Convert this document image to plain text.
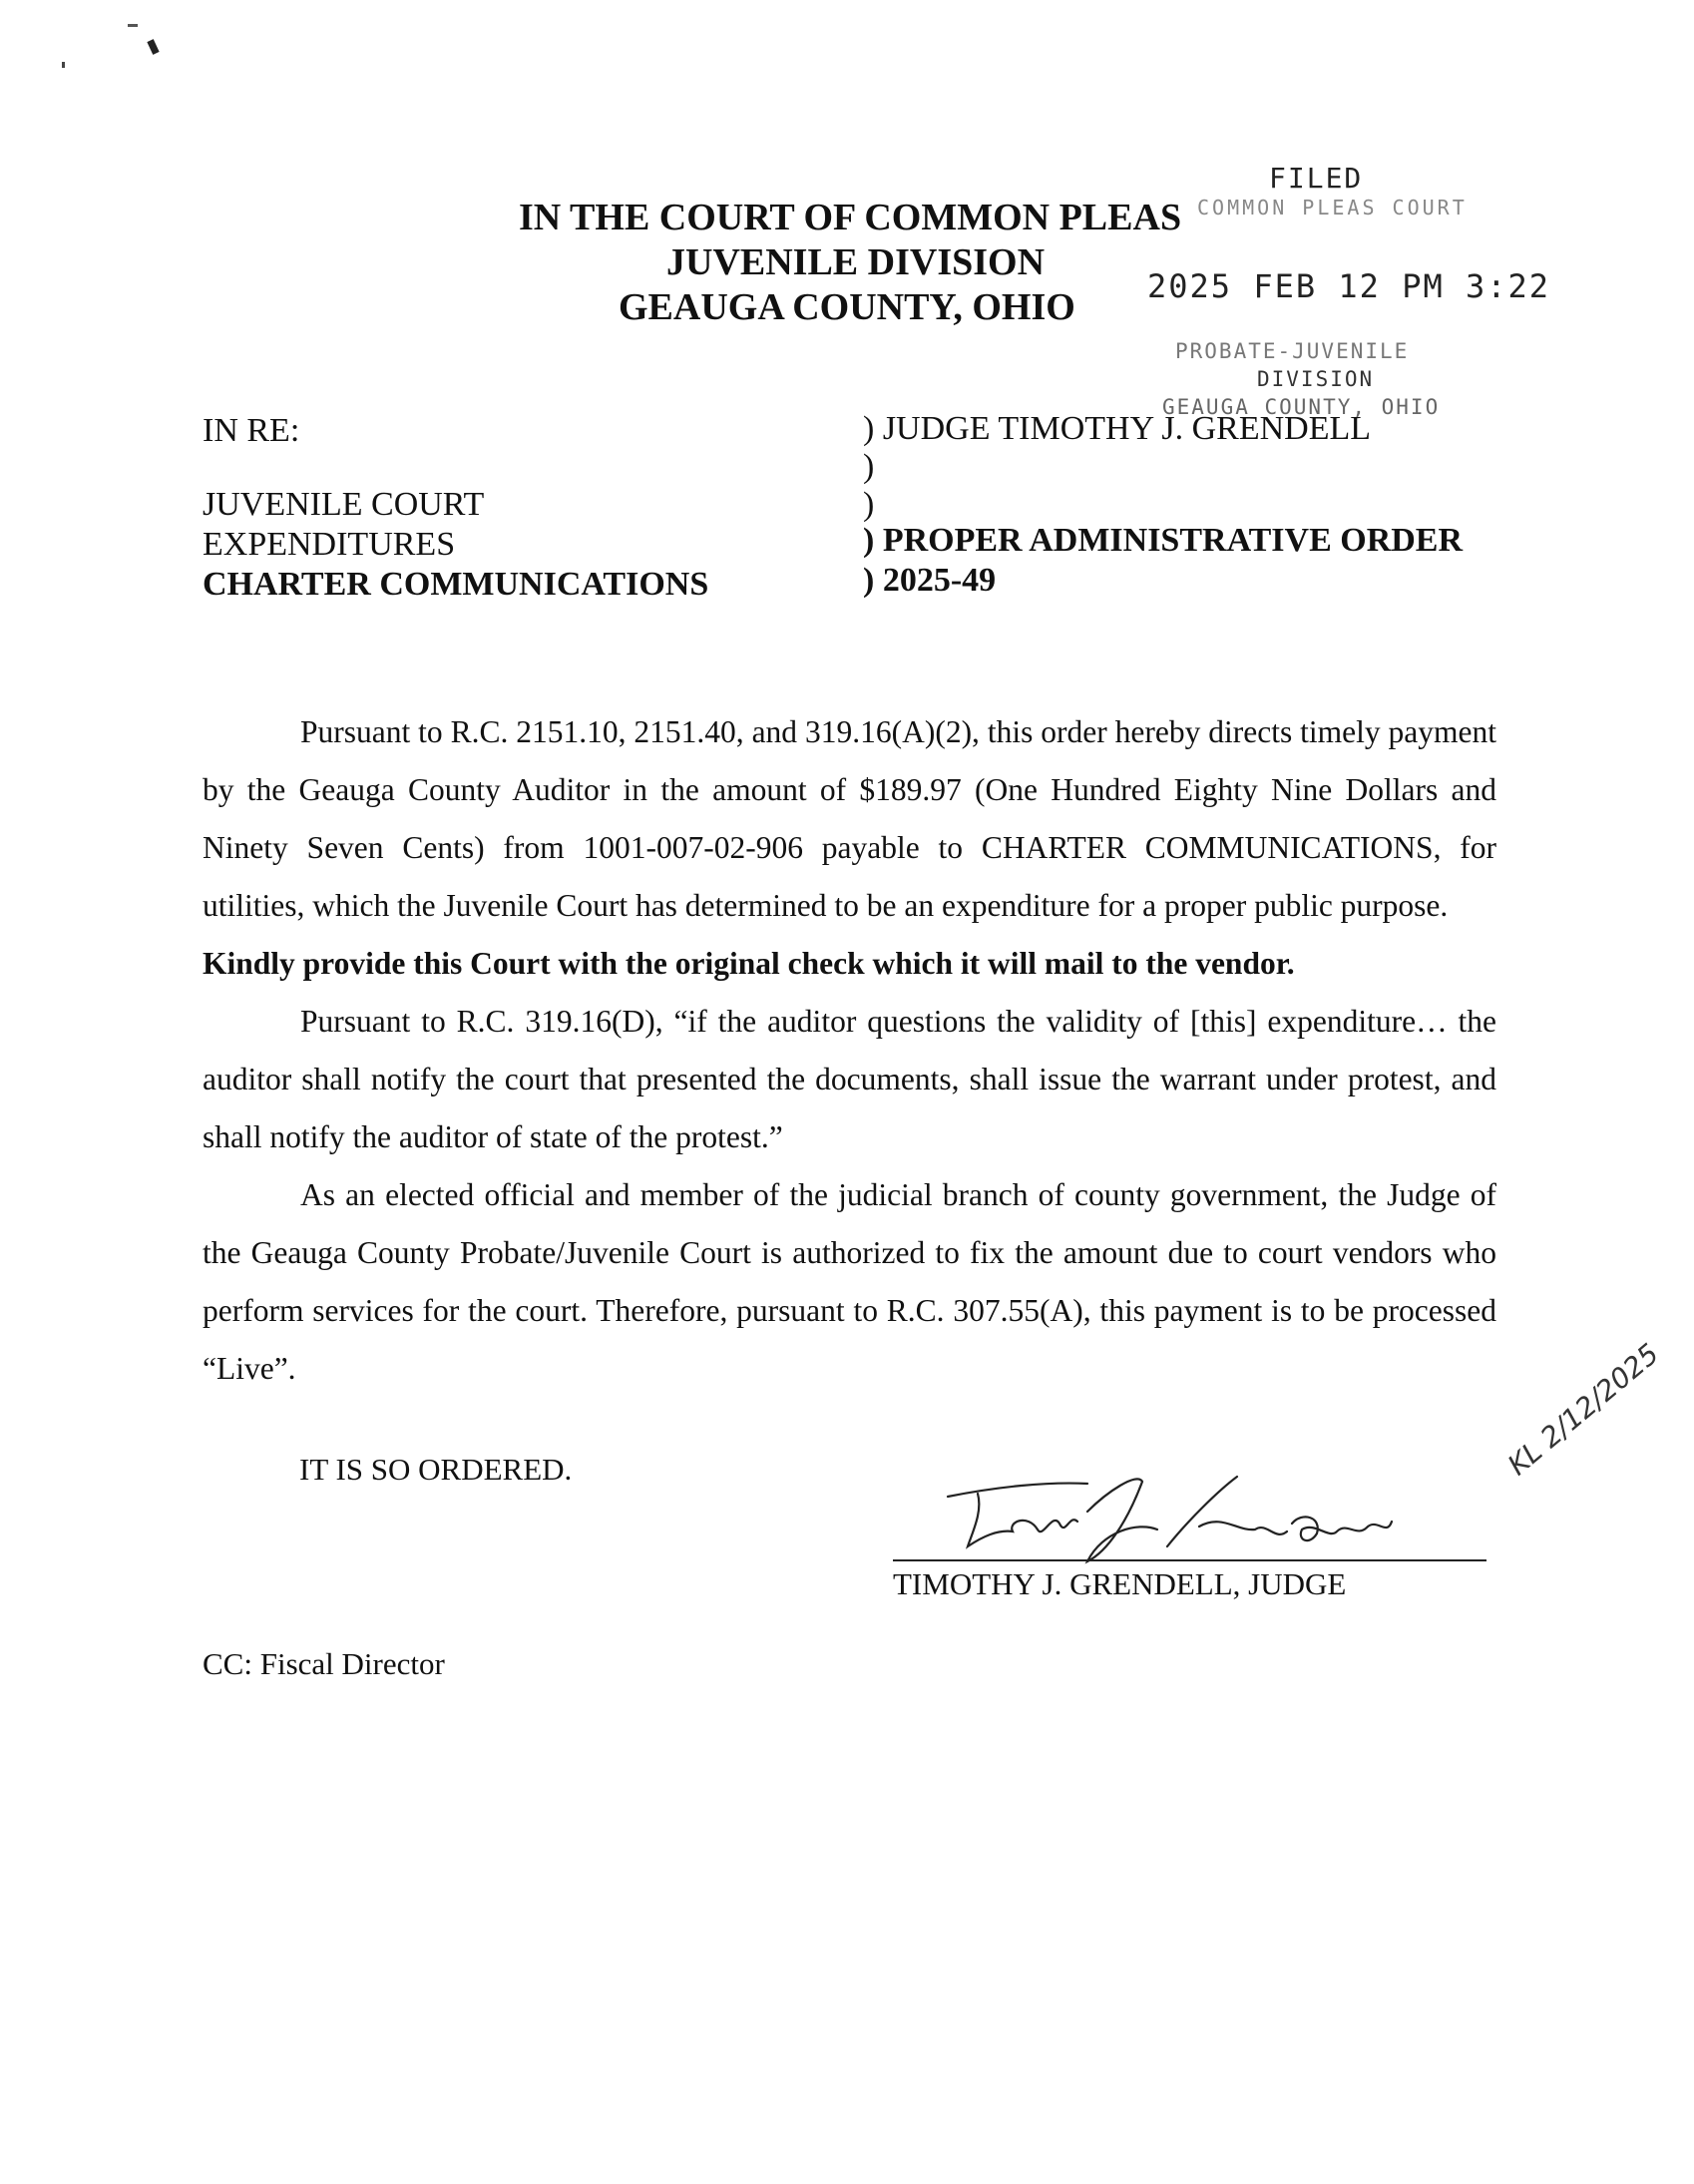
IN THE COURT OF COMMON PLEAS
JUVENILE DIVISION
GEAUGA COUNTY, OHIO
FILED
COMMON PLEAS COURT
2025 FEB 12 PM 3:22
PROBATE-JUVENILE
DIVISION
GEAUGA COUNTY, OHIO
IN RE:
JUVENILE COURT
EXPENDITURES
CHARTER COMMUNICATIONS
) JUDGE TIMOTHY J. GRENDELL
)
)
) PROPER ADMINISTRATIVE ORDER
) 2025-49
Pursuant to R.C. 2151.10, 2151.40, and 319.16(A)(2), this order hereby directs timely payment by the Geauga County Auditor in the amount of $189.97 (One Hundred Eighty Nine Dollars and Ninety Seven Cents) from 1001-007-02-906 payable to CHARTER COMMUNICATIONS, for utilities, which the Juvenile Court has determined to be an expenditure for a proper public purpose.
Kindly provide this Court with the original check which it will mail to the vendor.
Pursuant to R.C. 319.16(D), “if the auditor questions the validity of [this] expenditure… the auditor shall notify the court that presented the documents, shall issue the warrant under protest, and shall notify the auditor of state of the protest.”
As an elected official and member of the judicial branch of county government, the Judge of the Geauga County Probate/Juvenile Court is authorized to fix the amount due to court vendors who perform services for the court. Therefore, pursuant to R.C. 307.55(A), this payment is to be processed “Live”.
IT IS SO ORDERED.
TIMOTHY J. GRENDELL, JUDGE
KL 2/12/2025
CC: Fiscal Director
